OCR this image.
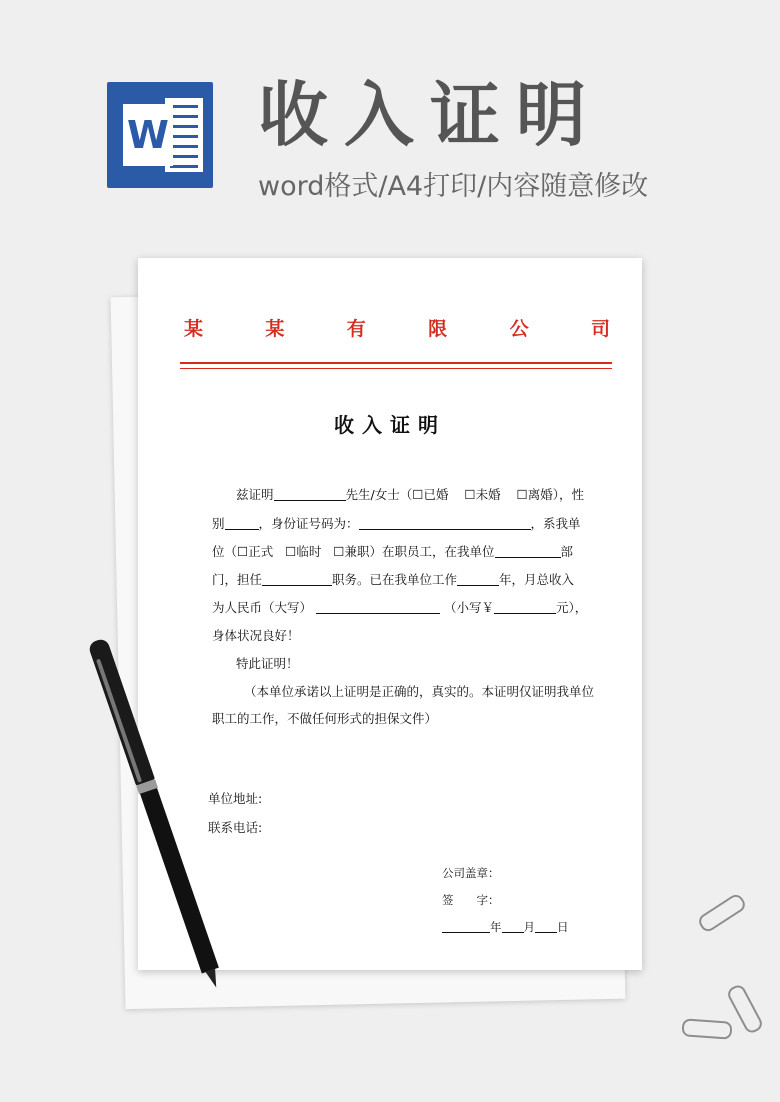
W 收入证明
word格式/A4打印/内容随意修改
某	某	有	限	公	司
收入证明
兹证明	先生/女士（☐已婚 ☐未婚 ☐离婚），性
别	，身份证号码为：	，系我单
位（☐正式 ☐临时 ☐兼职）在职员工，在我单位	部
门，担任	职务。已在我单位工作	年，月总收入
为人民币（大写）	（小写￥	元），
身体状况良好！
特此证明！
（本单位承诺以上证明是正确的，真实的。本证明仅证明我单位
职工的工作，不做任何形式的担保文件）
单位地址:
联系电话:
公司盖章：
签　　字：
年 月 日
